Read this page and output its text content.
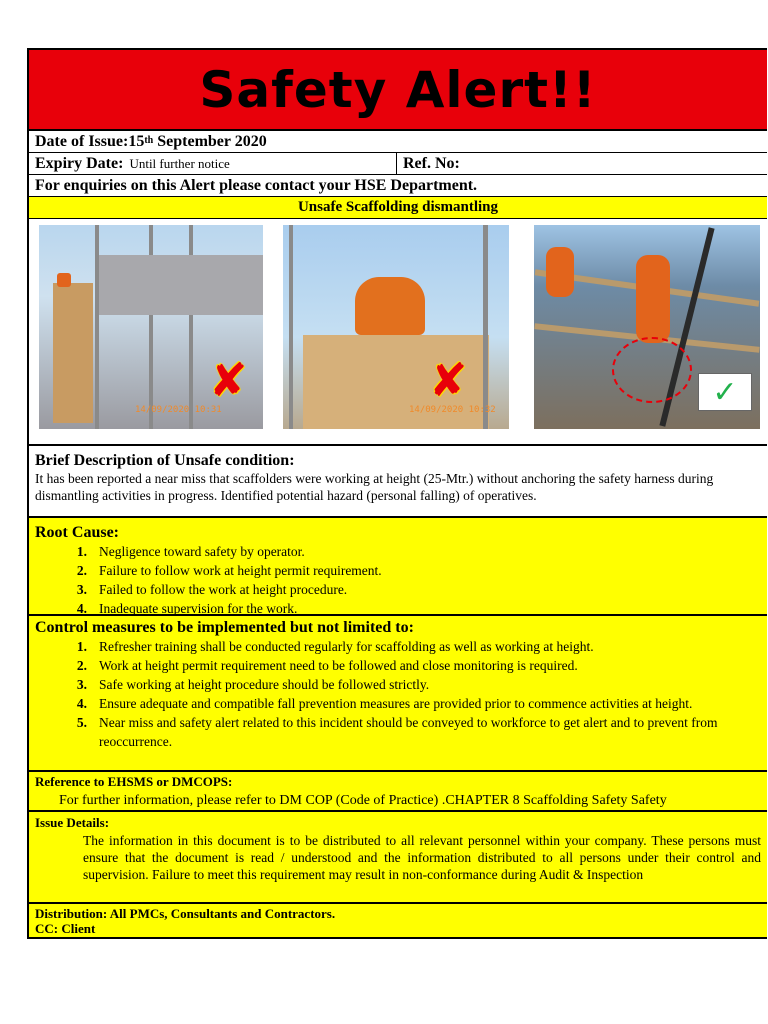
Safety Alert!!
Date of Issue: 15th September 2020
Expiry Date: Until further notice	Ref. No:
For enquiries on this Alert please contact your HSE Department.
Unsafe Scaffolding dismantling
✘
14/09/2020 10:31
✘
14/09/2020 10:32
✓
Brief Description of Unsafe condition:

It has been reported a near miss that scaffolders were working at height (25-Mtr.) without anchoring the safety harness during dismantling activities in progress. Identified potential hazard (personal falling) of operatives.

Root Cause:
1. Negligence toward safety by operator.
2. Failure to follow work at height permit requirement.
3. Failed to follow the work at height procedure.
4. Inadequate supervision for the work.
Control measures to be implemented but not limited to:
1. Refresher training shall be conducted regularly for scaffolding as well as working at height.
2. Work at height permit requirement need to be followed and close monitoring is required.
3. Safe working at height procedure should be followed strictly.
4. Ensure adequate and compatible fall prevention measures are provided prior to commence activities at height.
5. Near miss and safety alert related to this incident should be conveyed to workforce to get alert and to prevent from reoccurrence.
Reference to EHSMS or DMCOPS:

For further information, please refer to DM COP (Code of Practice) .CHAPTER 8 Scaffolding Safety Safety

Issue Details:

The information in this document is to be distributed to all relevant personnel within your company. These persons must ensure that the document is read / understood and the information distributed to all persons under their control and supervision. Failure to meet this requirement may result in non-conformance during Audit & Inspection

Distribution: All PMCs, Consultants and Contractors.

CC: Client
